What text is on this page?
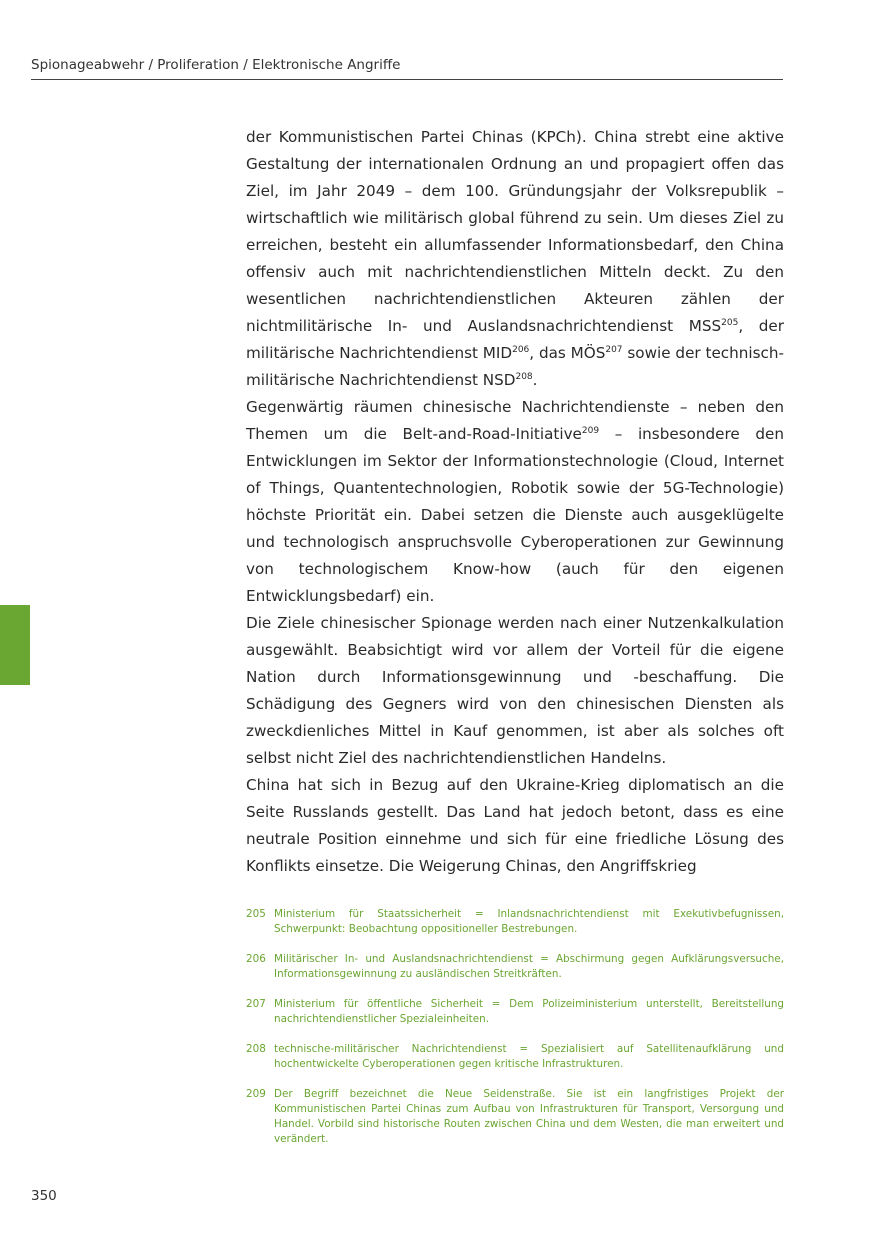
Spionageabwehr / Proliferation / Elektronische Angriffe

der Kommunistischen Partei Chinas (KPCh). China strebt eine aktive Gestaltung der internationalen Ordnung an und propagiert offen das Ziel, im Jahr 2049 – dem 100. Gründungsjahr der Volksrepublik – wirtschaftlich wie militärisch global führend zu sein. Um dieses Ziel zu erreichen, besteht ein allumfassender Informationsbedarf, den China offensiv auch mit nachrichtendienstlichen Mitteln deckt. Zu den wesentlichen nachrichtendienstlichen Akteuren zählen der nichtmilitärische In- und Auslandsnachrichtendienst MSS$^{205}$, der militärische Nachrichtendienst MID$^{206}$, das MÖS$^{207}$ sowie der technisch-militärische Nachrichtendienst NSD$^{208}$.

Gegenwärtig räumen chinesische Nachrichtendienste – neben den Themen um die Belt-and-Road-Initiative$^{209}$ – insbesondere den Entwicklungen im Sektor der Informationstechnologie (Cloud, Internet of Things, Quantentechnologien, Robotik sowie der 5G-Technologie) höchste Priorität ein. Dabei setzen die Dienste auch ausgeklügelte und technologisch anspruchsvolle Cyberoperationen zur Gewinnung von technologischem Know-how (auch für den eigenen Entwicklungsbedarf) ein.

Die Ziele chinesischer Spionage werden nach einer Nutzenkalkulation ausgewählt. Beabsichtigt wird vor allem der Vorteil für die eigene Nation durch Informationsgewinnung und -beschaffung. Die Schädigung des Gegners wird von den chinesischen Diensten als zweckdienliches Mittel in Kauf genommen, ist aber als solches oft selbst nicht Ziel des nachrichtendienstlichen Handelns.

China hat sich in Bezug auf den Ukraine-Krieg diplomatisch an die Seite Russlands gestellt. Das Land hat jedoch betont, dass es eine neutrale Position einnehme und sich für eine friedliche Lösung des Konflikts einsetze. Die Weigerung Chinas, den Angriffskrieg

205 Ministerium für Staatssicherheit = Inlandsnachrichtendienst mit Exekutivbefugnissen, Schwerpunkt: Beobachtung oppositioneller Bestrebungen.
206 Militärischer In- und Auslandsnachrichtendienst = Abschirmung gegen Aufklärungsversuche, Informationsgewinnung zu ausländischen Streitkräften.
207 Ministerium für öffentliche Sicherheit = Dem Polizeiministerium unterstellt, Bereitstellung nachrichtendienstlicher Spezialeinheiten.
208 technische-militärischer Nachrichtendienst = Spezialisiert auf Satellitenaufklärung und hochentwickelte Cyberoperationen gegen kritische Infrastrukturen.
209 Der Begriff bezeichnet die Neue Seidenstraße. Sie ist ein langfristiges Projekt der Kommunistischen Partei Chinas zum Aufbau von Infrastrukturen für Transport, Versorgung und Handel. Vorbild sind historische Routen zwischen China und dem Westen, die man erweitert und verändert.
350
